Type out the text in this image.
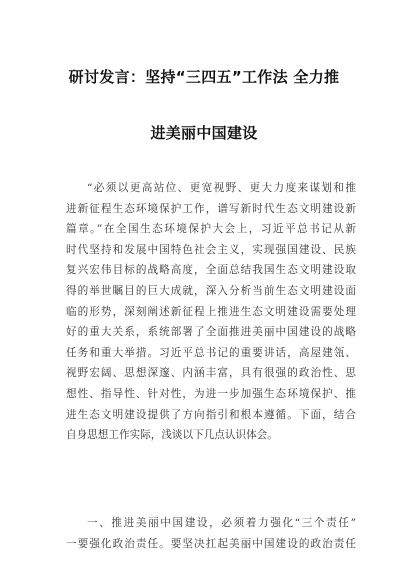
研讨发言：坚持“三四五”工作法 全力推
进美丽中国建设
“必须以更高站位、更宽视野、更大力度来谋划和推
进新征程生态环境保护工作，谱写新时代生态文明建设新
篇章。”在全国生态环境保护大会上，习近平总书记从新
时代坚持和发展中国特色社会主义，实现强国建设、民族
复兴宏伟目标的战略高度，全面总结我国生态文明建设取
得的举世瞩目的巨大成就，深入分析当前生态文明建设面
临的形势，深刻阐述新征程上推进生态文明建设需要处理
好的重大关系，系统部署了全面推进美丽中国建设的战略
任务和重大举措。习近平总书记的重要讲话，高屋建瓴、
视野宏阔、思想深邃、内涵丰富，具有很强的政治性、思
想性、指导性、针对性，为进一步加强生态环境保护、推
进生态文明建设提供了方向指引和根本遵循。下面，结合
自身思想工作实际，浅谈以下几点认识体会。
一、推进美丽中国建设，必须着力强化“三个责任”
一要强化政治责任。要坚决扛起美丽中国建设的政治责任
